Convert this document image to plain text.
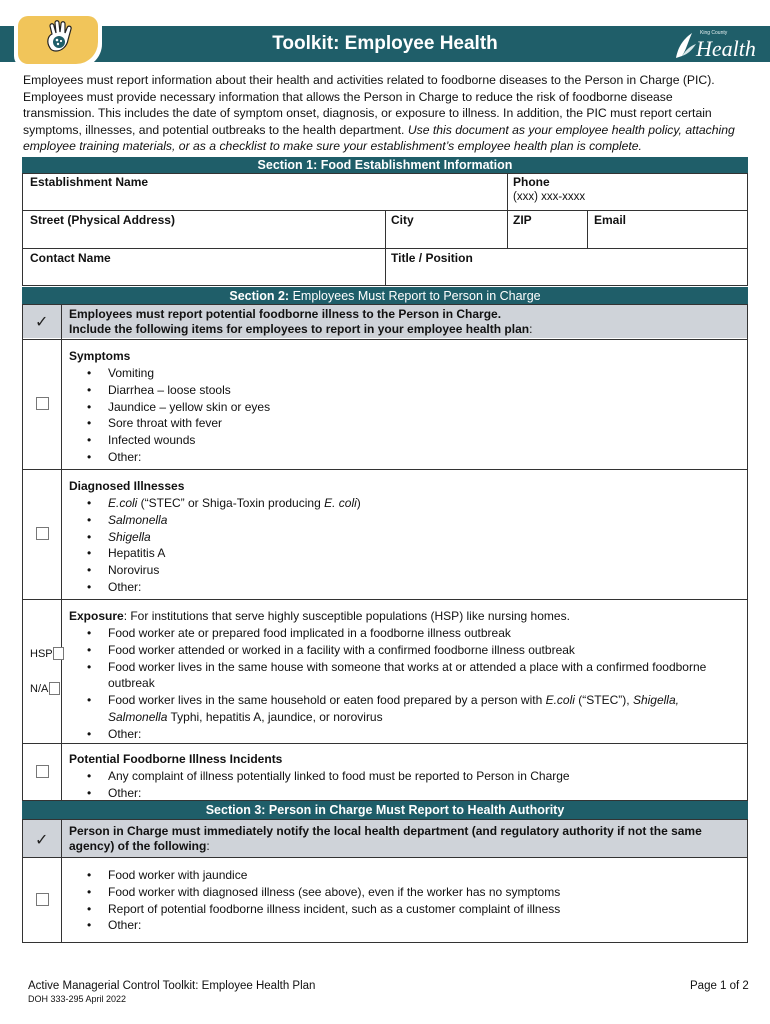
Toolkit: Employee Health	King County
Health
Employees must report information about their health and activities related to foodborne diseases to the Person in Charge (PIC). Employees must provide necessary information that allows the Person in Charge to reduce the risk of foodborne disease transmission. This includes the date of symptom onset, diagnosis, or exposure to illness. In addition, the PIC must report certain symptoms, illnesses, and potential outbreaks to the health department. Use this document as your employee health policy, attaching employee training materials, or as a checklist to make sure your establishment’s employee health plan is complete.
Section 1: Food Establishment Information
Establishment Name	Phone
(xxx) xxx-xxxx
Street (Physical Address)	City	ZIP	Email
Contact Name	Title / Position
Section 2: Employees Must Report to Person in Charge
✓ Employees must report potential foodborne illness to the Person in Charge.
Include the following items for employees to report in your employee health plan:
Symptoms
• Vomiting
• Diarrhea – loose stools
• Jaundice – yellow skin or eyes
• Sore throat with fever
• Infected wounds
• Other:
Diagnosed Illnesses
• E.coli (“STEC” or Shiga-Toxin producing E. coli)
• Salmonella
• Shigella
• Hepatitis A
• Norovirus
• Other:
HSP
N/A
Exposure: For institutions that serve highly susceptible populations (HSP) like nursing homes.
• Food worker ate or prepared food implicated in a foodborne illness outbreak
• Food worker attended or worked in a facility with a confirmed foodborne illness outbreak
• Food worker lives in the same house with someone that works at or attended a place with a confirmed foodborne outbreak
• Food worker lives in the same household or eaten food prepared by a person with E.coli (“STEC”), Shigella, Salmonella Typhi, hepatitis A, jaundice, or norovirus
• Other:
Potential Foodborne Illness Incidents
• Any complaint of illness potentially linked to food must be reported to Person in Charge
• Other:
Section 3: Person in Charge Must Report to Health Authority
✓
Person in Charge must immediately notify the local health department (and regulatory authority if not the same
agency) of the following:
• Food worker with jaundice
• Food worker with diagnosed illness (see above), even if the worker has no symptoms
• Report of potential foodborne illness incident, such as a customer complaint of illness
• Other:
Active Managerial Control Toolkit: Employee Health Plan
DOH 333-295 April 2022
Page 1 of 2
